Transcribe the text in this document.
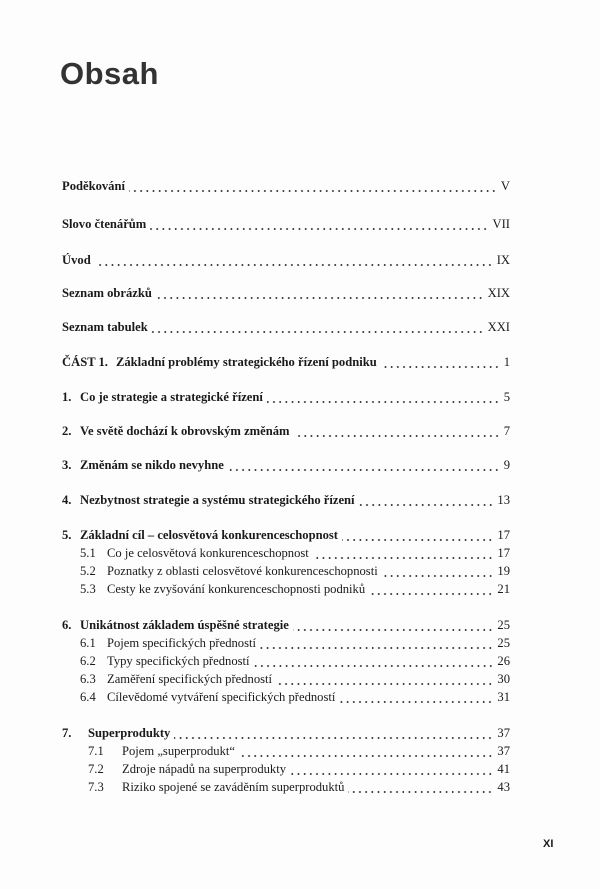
Obsah
Poděkování	V
Slovo čtenářům	VII
Úvod	IX
Seznam obrázků	XIX
Seznam tabulek	XXI
ČÁST 1. Základní problémy strategického řízení podniku	1
1. Co je strategie a strategické řízení	5
2. Ve světě dochází k obrovským změnám	7
3. Změnám se nikdo nevyhne	9
4. Nezbytnost strategie a systému strategického řízení	13
5. Základní cíl – celosvětová konkurenceschopnost	17
5.1 Co je celosvětová konkurenceschopnost	17
5.2 Poznatky z oblasti celosvětové konkurenceschopnosti	19
5.3 Cesty ke zvyšování konkurenceschopnosti podniků	21
6. Unikátnost základem úspěšné strategie	25
6.1 Pojem specifických předností	25
6.2 Typy specifických předností	26
6.3 Zaměření specifických předností	30
6.4 Cílevědomé vytváření specifických předností	31
7.	Superprodukty	37
7.1	Pojem „superprodukt“	37
7.2	Zdroje nápadů na superprodukty	41
7.3	Riziko spojené se zaváděním superproduktů	43
XI
